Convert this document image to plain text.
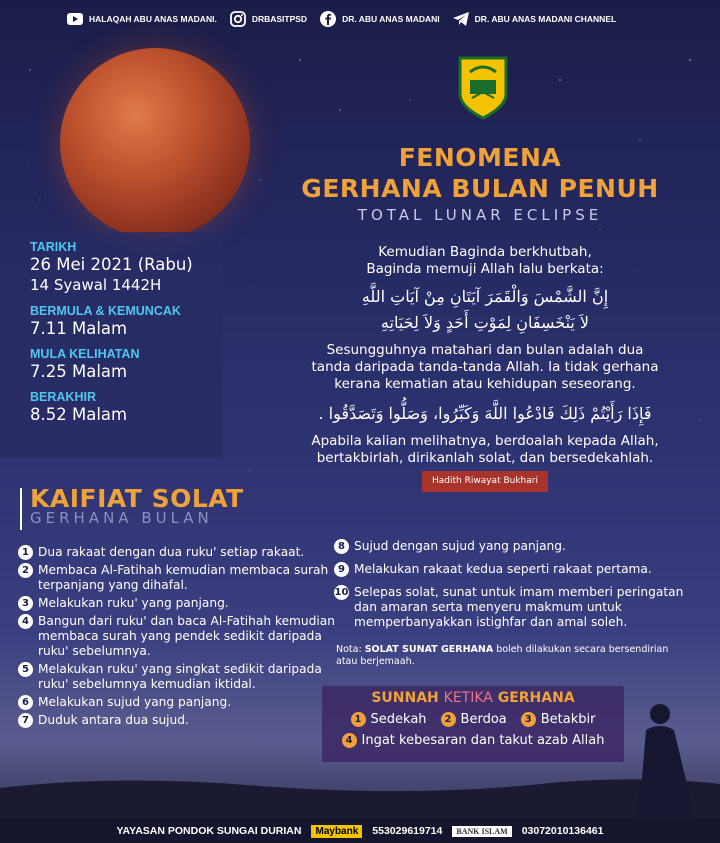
HALAQAH ABU ANAS MADANI.	DRBASITPSD	DR. ABU ANAS MADANI	DR. ABU ANAS MADANI CHANNEL
FENOMENA
GERHANA BULAN PENUH
TOTAL LUNAR ECLIPSE
TARIKH
26 Mei 2021 (Rabu)
14 Syawal 1442H
BERMULA & KEMUNCAK
7.11 Malam
MULA KELIHATAN
7.25 Malam
BERAKHIR
8.52 Malam
Kemudian Baginda berkhutbah,
Baginda memuji Allah lalu berkata:
إِنَّ الشَّمْسَ وَالْقَمَرَ آيَتَانِ مِنْ آيَاتِ اللَّهِ
لاَ يَنْخَسِفَانِ لِمَوْتِ أَحَدٍ وَلاَ لِحَيَاتِهِ
Sesungguhnya matahari dan bulan adalah dua
tanda daripada tanda-tanda Allah. Ia tidak gerhana
kerana kematian atau kehidupan seseorang.
فَإِذَا رَأَيْتُمْ ذَلِكَ فَادْعُوا اللَّهَ وَكَبِّرُوا، وَصَلُّوا وَتَصَدَّقُوا .
Apabila kalian melihatnya, berdoalah kepada Allah,
bertakbirlah, dirikanlah solat, dan bersedekahlah.
Hadith Riwayat Bukhari
KAIFIAT SOLAT
GERHANA BULAN
1 Dua rakaat dengan dua ruku' setiap rakaat.
2 Membaca Al-Fatihah kemudian membaca surah terpanjang yang dihafal.
3 Melakukan ruku' yang panjang.
4 Bangun dari ruku' dan baca Al-Fatihah kemudian membaca surah yang pendek sedikit daripada ruku' sebelumnya.
5 Melakukan ruku' yang singkat sedikit daripada ruku' sebelumnya kemudian iktidal.
6 Melakukan sujud yang panjang.
7 Duduk antara dua sujud.
8 Sujud dengan sujud yang panjang.
9 Melakukan rakaat kedua seperti rakaat pertama.
10 Selepas solat, sunat untuk imam memberi peringatan dan amaran serta menyeru makmum untuk memperbanyakkan istighfar dan amal soleh.
Nota: SOLAT SUNAT GERHANA boleh dilakukan secara bersendirian atau berjemaah.
SUNNAH KETIKA GERHANA
1 Sedekah	2 Berdoa	3 Betakbir
4 Ingat kebesaran dan takut azab Allah
YAYASAN PONDOK SUNGAI DURIAN	Maybank	553029619714	BANK ISLAM	03072010136461
